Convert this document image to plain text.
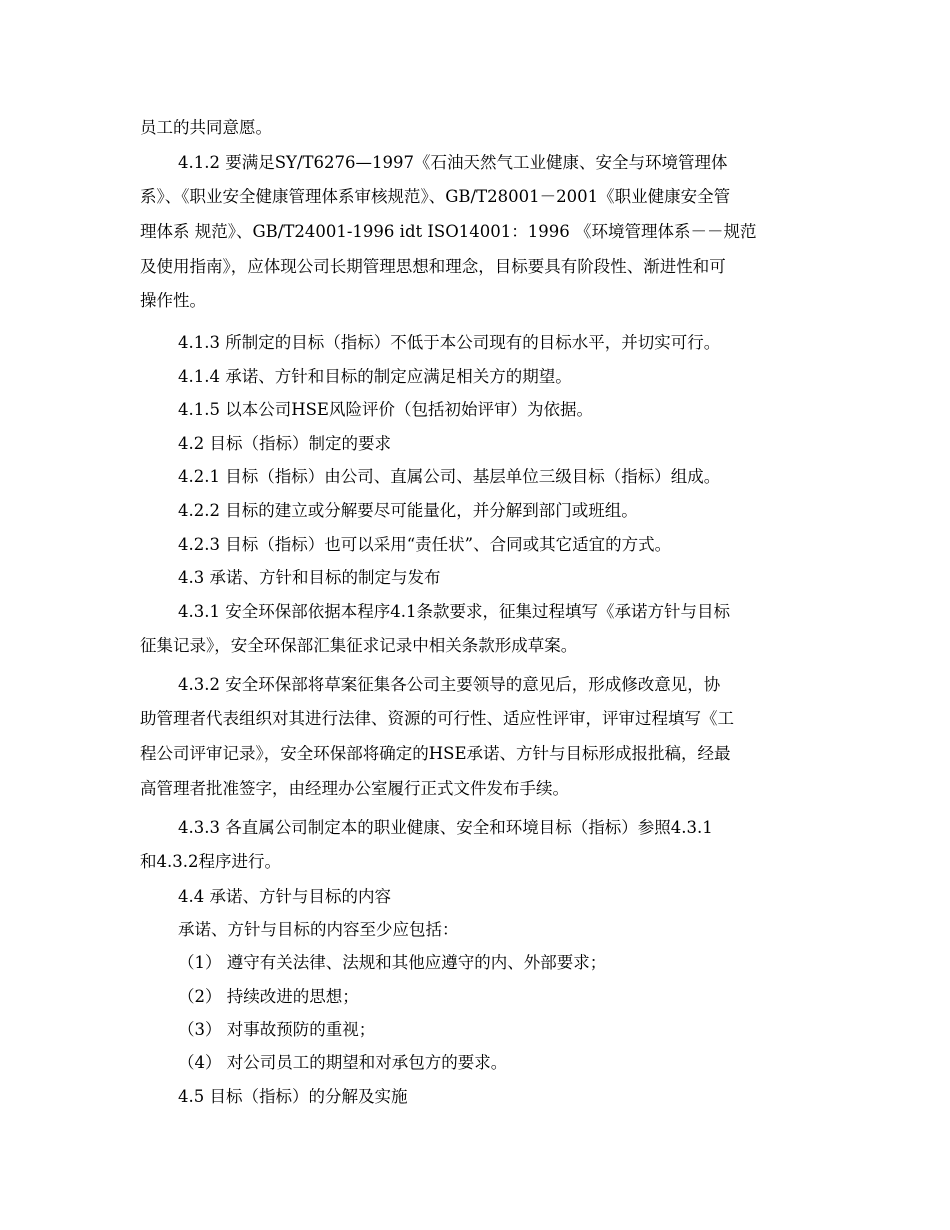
员工的共同意愿。
4.1.2 要满足SY/T6276—1997《石油天然气工业健康、安全与环境管理体
系》、《职业安全健康管理体系审核规范》、GB/T28001－2001《职业健康安全管
理体系 规范》、GB/T24001-1996 idt ISO14001：1996 《环境管理体系－－规范
及使用指南》，应体现公司长期管理思想和理念，目标要具有阶段性、渐进性和可
操作性。
4.1.3 所制定的目标（指标）不低于本公司现有的目标水平，并切实可行。
4.1.4 承诺、方针和目标的制定应满足相关方的期望。
4.1.5 以本公司HSE风险评价（包括初始评审）为依据。
4.2 目标（指标）制定的要求
4.2.1 目标（指标）由公司、直属公司、基层单位三级目标（指标）组成。
4.2.2 目标的建立或分解要尽可能量化，并分解到部门或班组。
4.2.3 目标（指标）也可以采用“责任状”、合同或其它适宜的方式。
4.3 承诺、方针和目标的制定与发布
4.3.1 安全环保部依据本程序4.1条款要求，征集过程填写《承诺方针与目标
征集记录》，安全环保部汇集征求记录中相关条款形成草案。
4.3.2 安全环保部将草案征集各公司主要领导的意见后，形成修改意见，协
助管理者代表组织对其进行法律、资源的可行性、适应性评审，评审过程填写《工
程公司评审记录》，安全环保部将确定的HSE承诺、方针与目标形成报批稿，经最
高管理者批准签字，由经理办公室履行正式文件发布手续。
4.3.3 各直属公司制定本的职业健康、安全和环境目标（指标）参照4.3.1
和4.3.2程序进行。
4.4 承诺、方针与目标的内容
承诺、方针与目标的内容至少应包括：
（1） 遵守有关法律、法规和其他应遵守的内、外部要求；
（2） 持续改进的思想；
（3） 对事故预防的重视；
（4） 对公司员工的期望和对承包方的要求。
4.5 目标（指标）的分解及实施
